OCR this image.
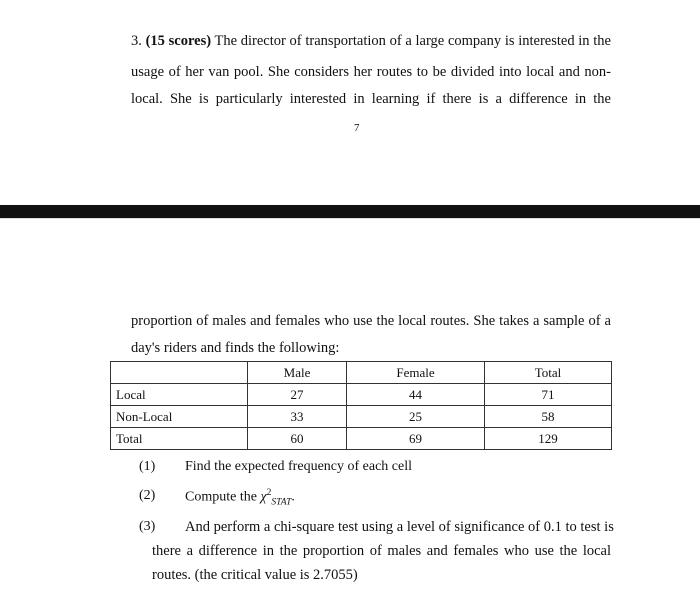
3. (15 scores) The director of transportation of a large company is interested in the
usage of her van pool. She considers her routes to be divided into local and non-
local. She is particularly interested in learning if there is a difference in the
7
proportion of males and females who use the local routes. She takes a sample of a
day's riders and finds the following:
	Male	Female	Total
Local	27	44	71
Non-Local	33	25	58
Total	60	69	129
(1) Find the expected frequency of each cell
(2) Compute the $\chi^2_{STAT}$.
(3) And perform a chi-square test using a level of significance of 0.1 to test is
there a difference in the proportion of males and females who use the local
routes. (the critical value is 2.7055)
